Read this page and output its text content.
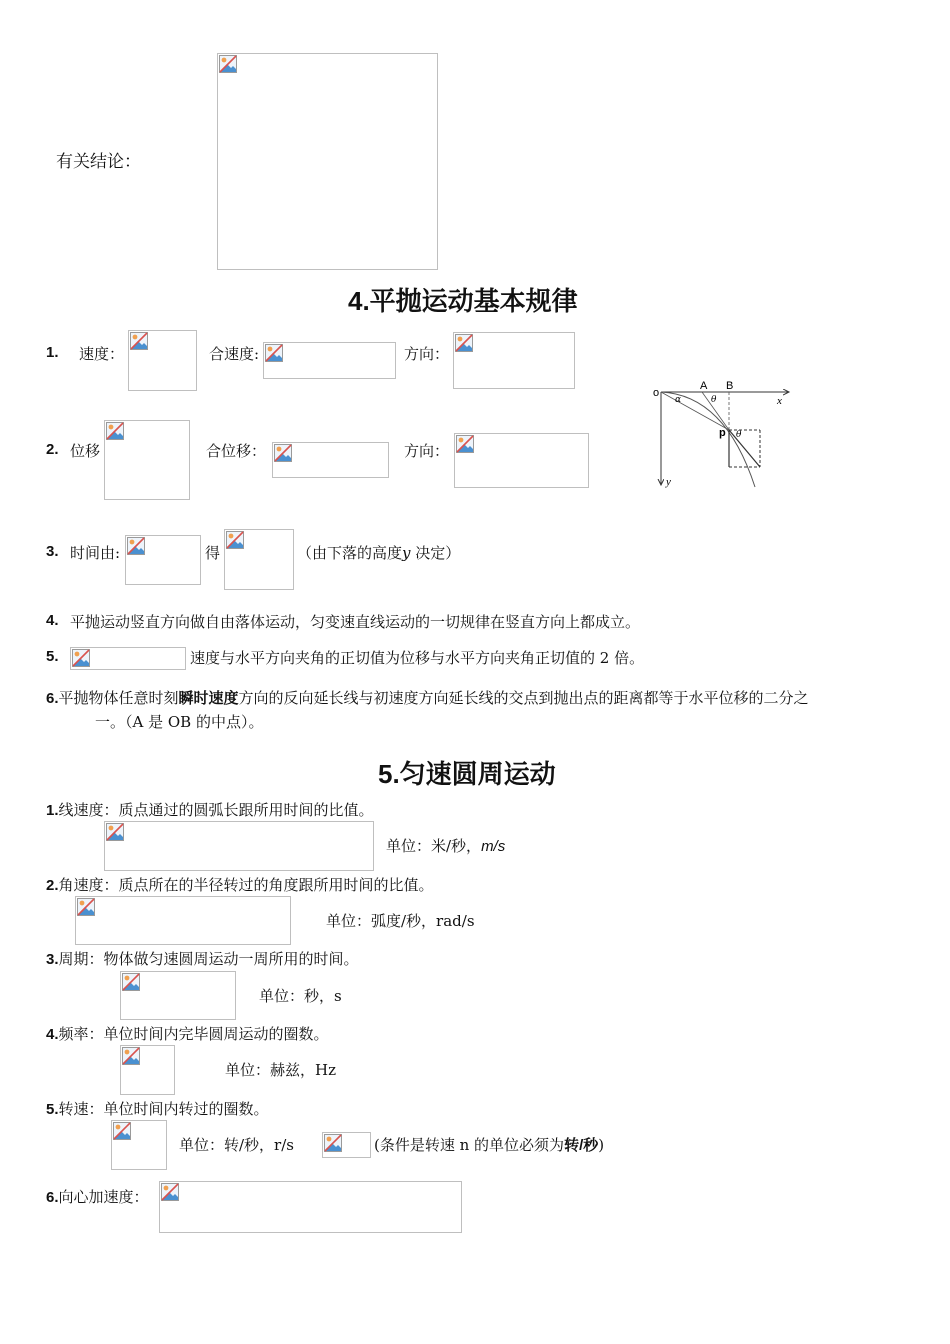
有关结论：
4.平抛运动基本规律
1. 速度：	合速度:	方向：
2. 位移	合位移：	方向：
3. 时间由:	得	（由下落的高度y 决定）
4. 平抛运动竖直方向做自由落体运动，匀变速直线运动的一切规律在竖直方向上都成立。
5.	速度与水平方向夹角的正切值为位移与水平方向夹角正切值的 2 倍。
6.平抛物体任意时刻瞬时速度方向的反向延长线与初速度方向延长线的交点到抛出点的距离都等于水平位移的二分之
一。（A 是 OB 的中点）。
o
A B
x
p
y
α	θ
θ
5.匀速圆周运动
1.线速度：质点通过的圆弧长跟所用时间的比值。
单位：米/秒，m/s
2.角速度：质点所在的半径转过的角度跟所用时间的比值。
单位：弧度/秒，rad/s
3.周期：物体做匀速圆周运动一周所用的时间。
单位：秒，s
4.频率：单位时间内完毕圆周运动的圈数。
单位：赫兹，Hz
5.转速：单位时间内转过的圈数。
单位：转/秒，r/s	(条件是转速 n 的单位必须为转/秒)
6.向心加速度：
